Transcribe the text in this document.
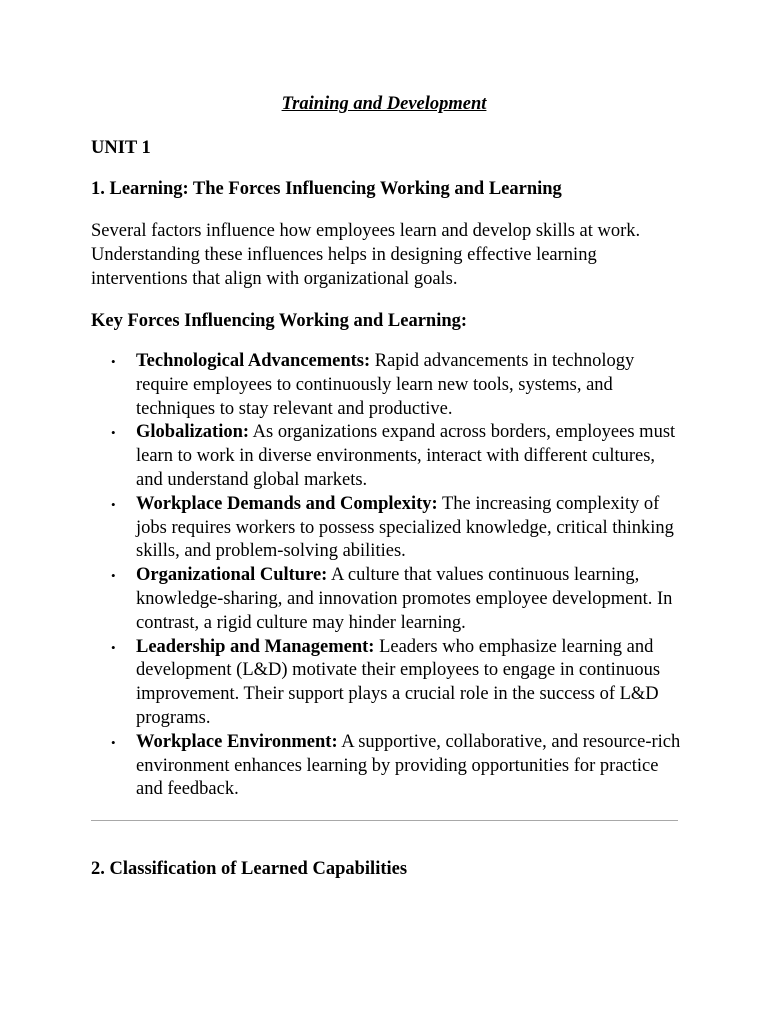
Training and Development
UNIT 1
1. Learning: The Forces Influencing Working and Learning

Several factors influence how employees learn and develop skills at work. Understanding these influences helps in designing effective learning interventions that align with organizational goals.

Key Forces Influencing Working and Learning:
• Technological Advancements: Rapid advancements in technology require employees to continuously learn new tools, systems, and techniques to stay relevant and productive.
• Globalization: As organizations expand across borders, employees must learn to work in diverse environments, interact with different cultures, and understand global markets.
• Workplace Demands and Complexity: The increasing complexity of jobs requires workers to possess specialized knowledge, critical thinking skills, and problem-solving abilities.
• Organizational Culture: A culture that values continuous learning, knowledge-sharing, and innovation promotes employee development. In contrast, a rigid culture may hinder learning.
• Leadership and Management: Leaders who emphasize learning and development (L&D) motivate their employees to engage in continuous improvement. Their support plays a crucial role in the success of L&D programs.
• Workplace Environment: A supportive, collaborative, and resource-rich environment enhances learning by providing opportunities for practice and feedback.
2. Classification of Learned Capabilities
